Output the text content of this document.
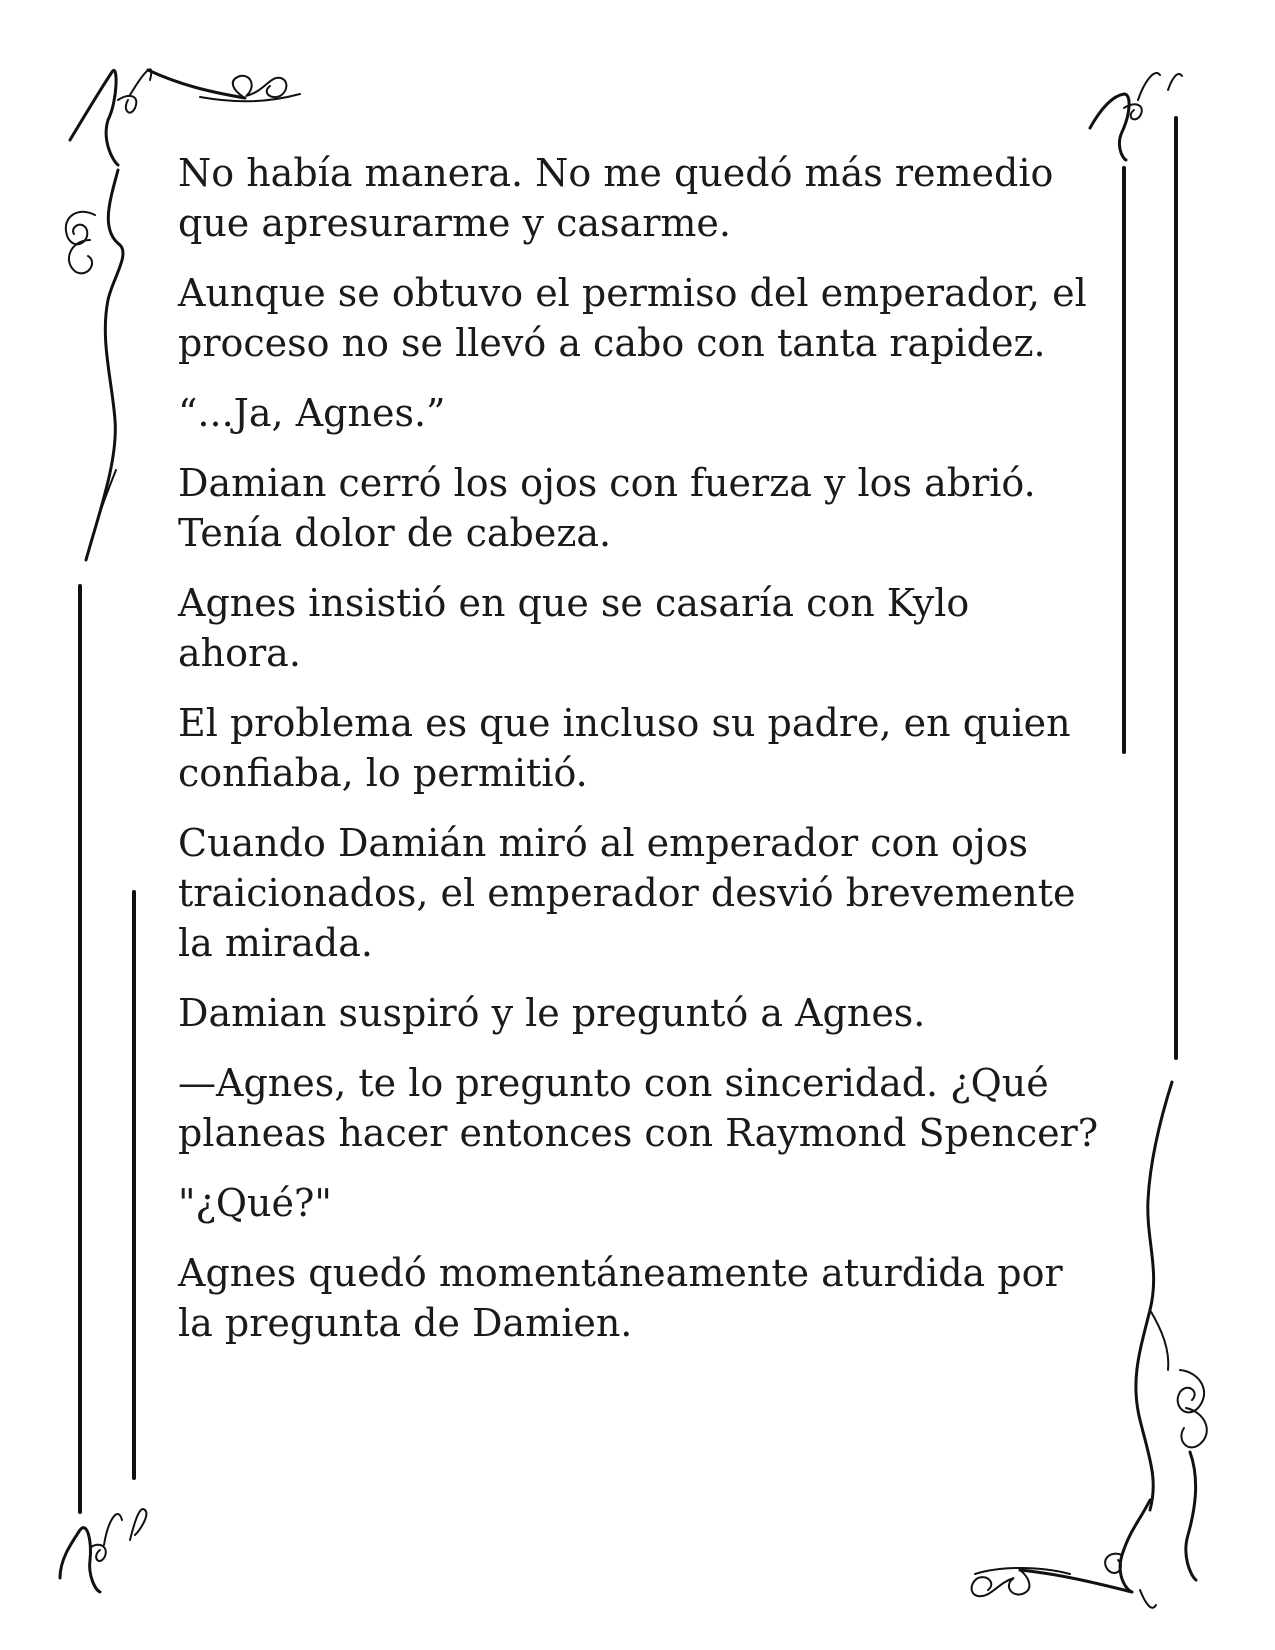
No había manera. No me quedó más remedio
que apresurarme y casarme.

Aunque se obtuvo el permiso del emperador, el
proceso no se llevó a cabo con tanta rapidez.

“...Ja, Agnes.”

Damian cerró los ojos con fuerza y los abrió.
Tenía dolor de cabeza.

Agnes insistió en que se casaría con Kylo
ahora.

El problema es que incluso su padre, en quien
confiaba, lo permitió.

Cuando Damián miró al emperador con ojos
traicionados, el emperador desvió brevemente
la mirada.

Damian suspiró y le preguntó a Agnes.

—Agnes, te lo pregunto con sinceridad. ¿Qué
planeas hacer entonces con Raymond Spencer?

"¿Qué?"

Agnes quedó momentáneamente aturdida por
la pregunta de Damien.
